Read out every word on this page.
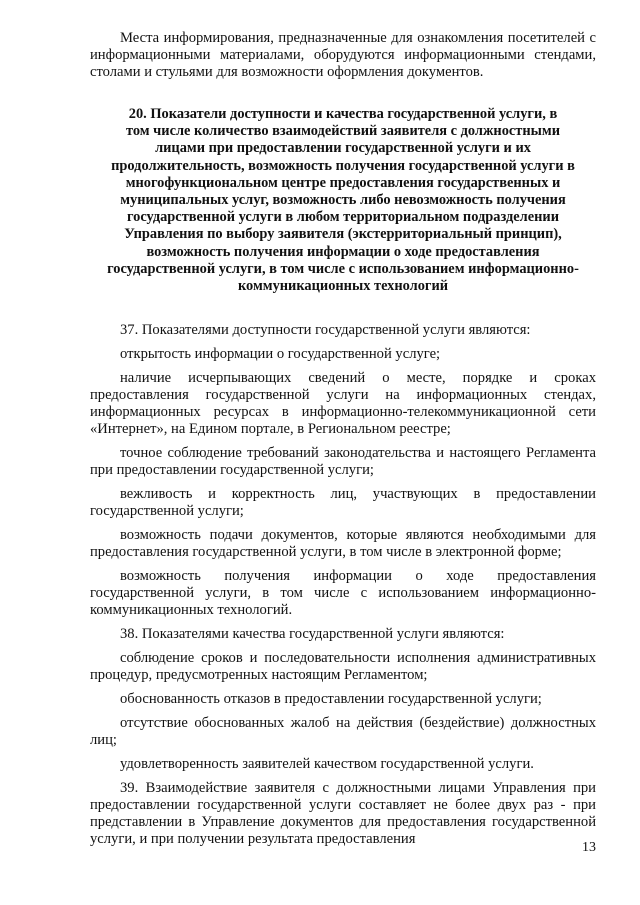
Места информирования, предназначенные для ознакомления посетителей с информационными материалами, оборудуются информационными стендами, столами и стульями для возможности оформления документов.

20. Показатели доступности и качества государственной услуги, в
том числе количество взаимодействий заявителя с должностными
лицами при предоставлении государственной услуги и их
продолжительность, возможность получения государственной услуги в
многофункциональном центре предоставления государственных и
муниципальных услуг, возможность либо невозможность получения
государственной услуги в любом территориальном подразделении
Управления по выбору заявителя (экстерриториальный принцип),
возможность получения информации о ходе предоставления
государственной услуги, в том числе с использованием информационно-
коммуникационных технологий

37. Показателями доступности государственной услуги являются:

открытость информации о государственной услуге;

наличие исчерпывающих сведений о месте, порядке и сроках предоставления государственной услуги на информационных стендах, информационных ресурсах в информационно-телекоммуникационной сети «Интернет», на Едином портале, в Региональном реестре;

точное соблюдение требований законодательства и настоящего Регламента при предоставлении государственной услуги;

вежливость и корректность лиц, участвующих в предоставлении государственной услуги;

возможность подачи документов, которые являются необходимыми для предоставления государственной услуги, в том числе в электронной форме;

возможность получения информации о ходе предоставления государственной услуги, в том числе с использованием информационно-коммуникационных технологий.

38. Показателями качества государственной услуги являются:

соблюдение сроков и последовательности исполнения административных процедур, предусмотренных настоящим Регламентом;

обоснованность отказов в предоставлении государственной услуги;

отсутствие обоснованных жалоб на действия (бездействие) должностных лиц;

удовлетворенность заявителей качеством государственной услуги.

39. Взаимодействие заявителя с должностными лицами Управления при предоставлении государственной услуги составляет не более двух раз - при представлении в Управление документов для предоставления государственной услуги, и при получении результата предоставления

13
